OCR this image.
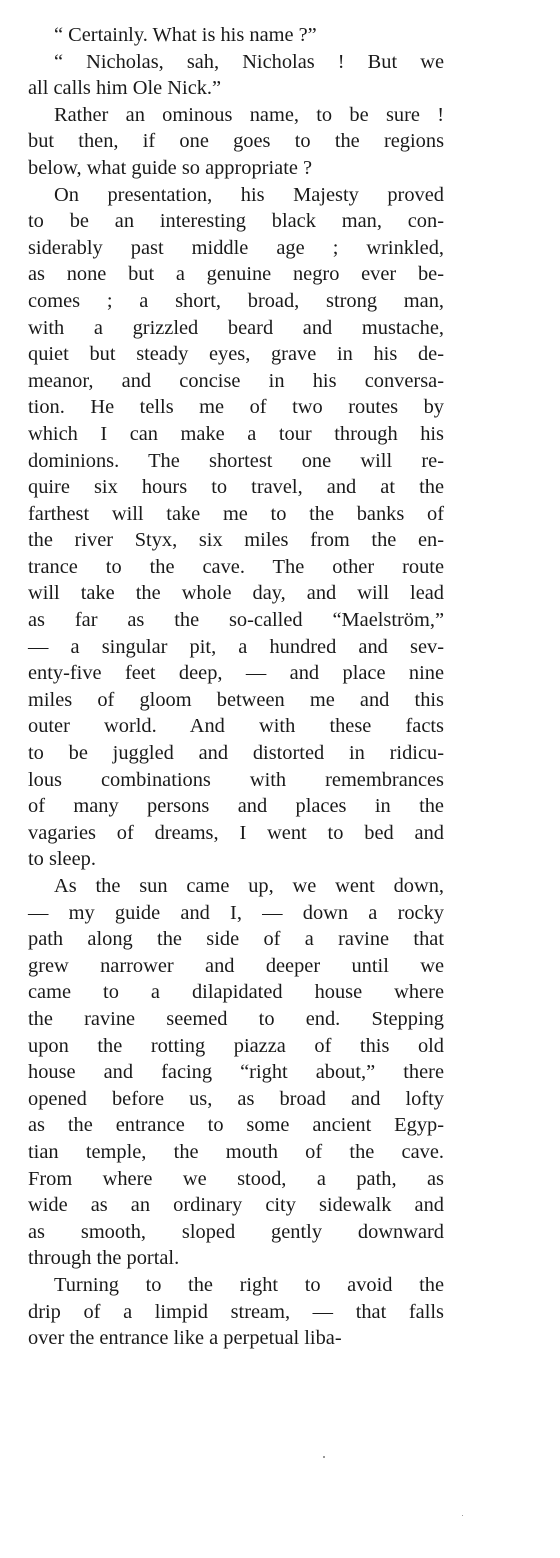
“ Certainly. What is his name ?”
“ Nicholas, sah, Nicholas ! But we
all calls him Ole Nick.”
Rather an ominous name, to be sure !
but then, if one goes to the regions
below, what guide so appropriate ?
On presentation, his Majesty proved
to be an interesting black man, con-
siderably past middle age ; wrinkled,
as none but a genuine negro ever be-
comes ; a short, broad, strong man,
with a grizzled beard and mustache,
quiet but steady eyes, grave in his de-
meanor, and concise in his conversa-
tion. He tells me of two routes by
which I can make a tour through his
dominions. The shortest one will re-
quire six hours to travel, and at the
farthest will take me to the banks of
the river Styx, six miles from the en-
trance to the cave. The other route
will take the whole day, and will lead
as far as the so-called “Maelström,”
— a singular pit, a hundred and sev-
enty-five feet deep, — and place nine
miles of gloom between me and this
outer world. And with these facts
to be juggled and distorted in ridicu-
lous combinations with remembrances
of many persons and places in the
vagaries of dreams, I went to bed and
to sleep.
As the sun came up, we went down,
— my guide and I, — down a rocky
path along the side of a ravine that
grew narrower and deeper until we
came to a dilapidated house where
the ravine seemed to end. Stepping
upon the rotting piazza of this old
house and facing “right about,” there
opened before us, as broad and lofty
as the entrance to some ancient Egyp-
tian temple, the mouth of the cave.
From where we stood, a path, as
wide as an ordinary city sidewalk and
as smooth, sloped gently downward
through the portal.
Turning to the right to avoid the
drip of a limpid stream, — that falls
over the entrance like a perpetual liba-
